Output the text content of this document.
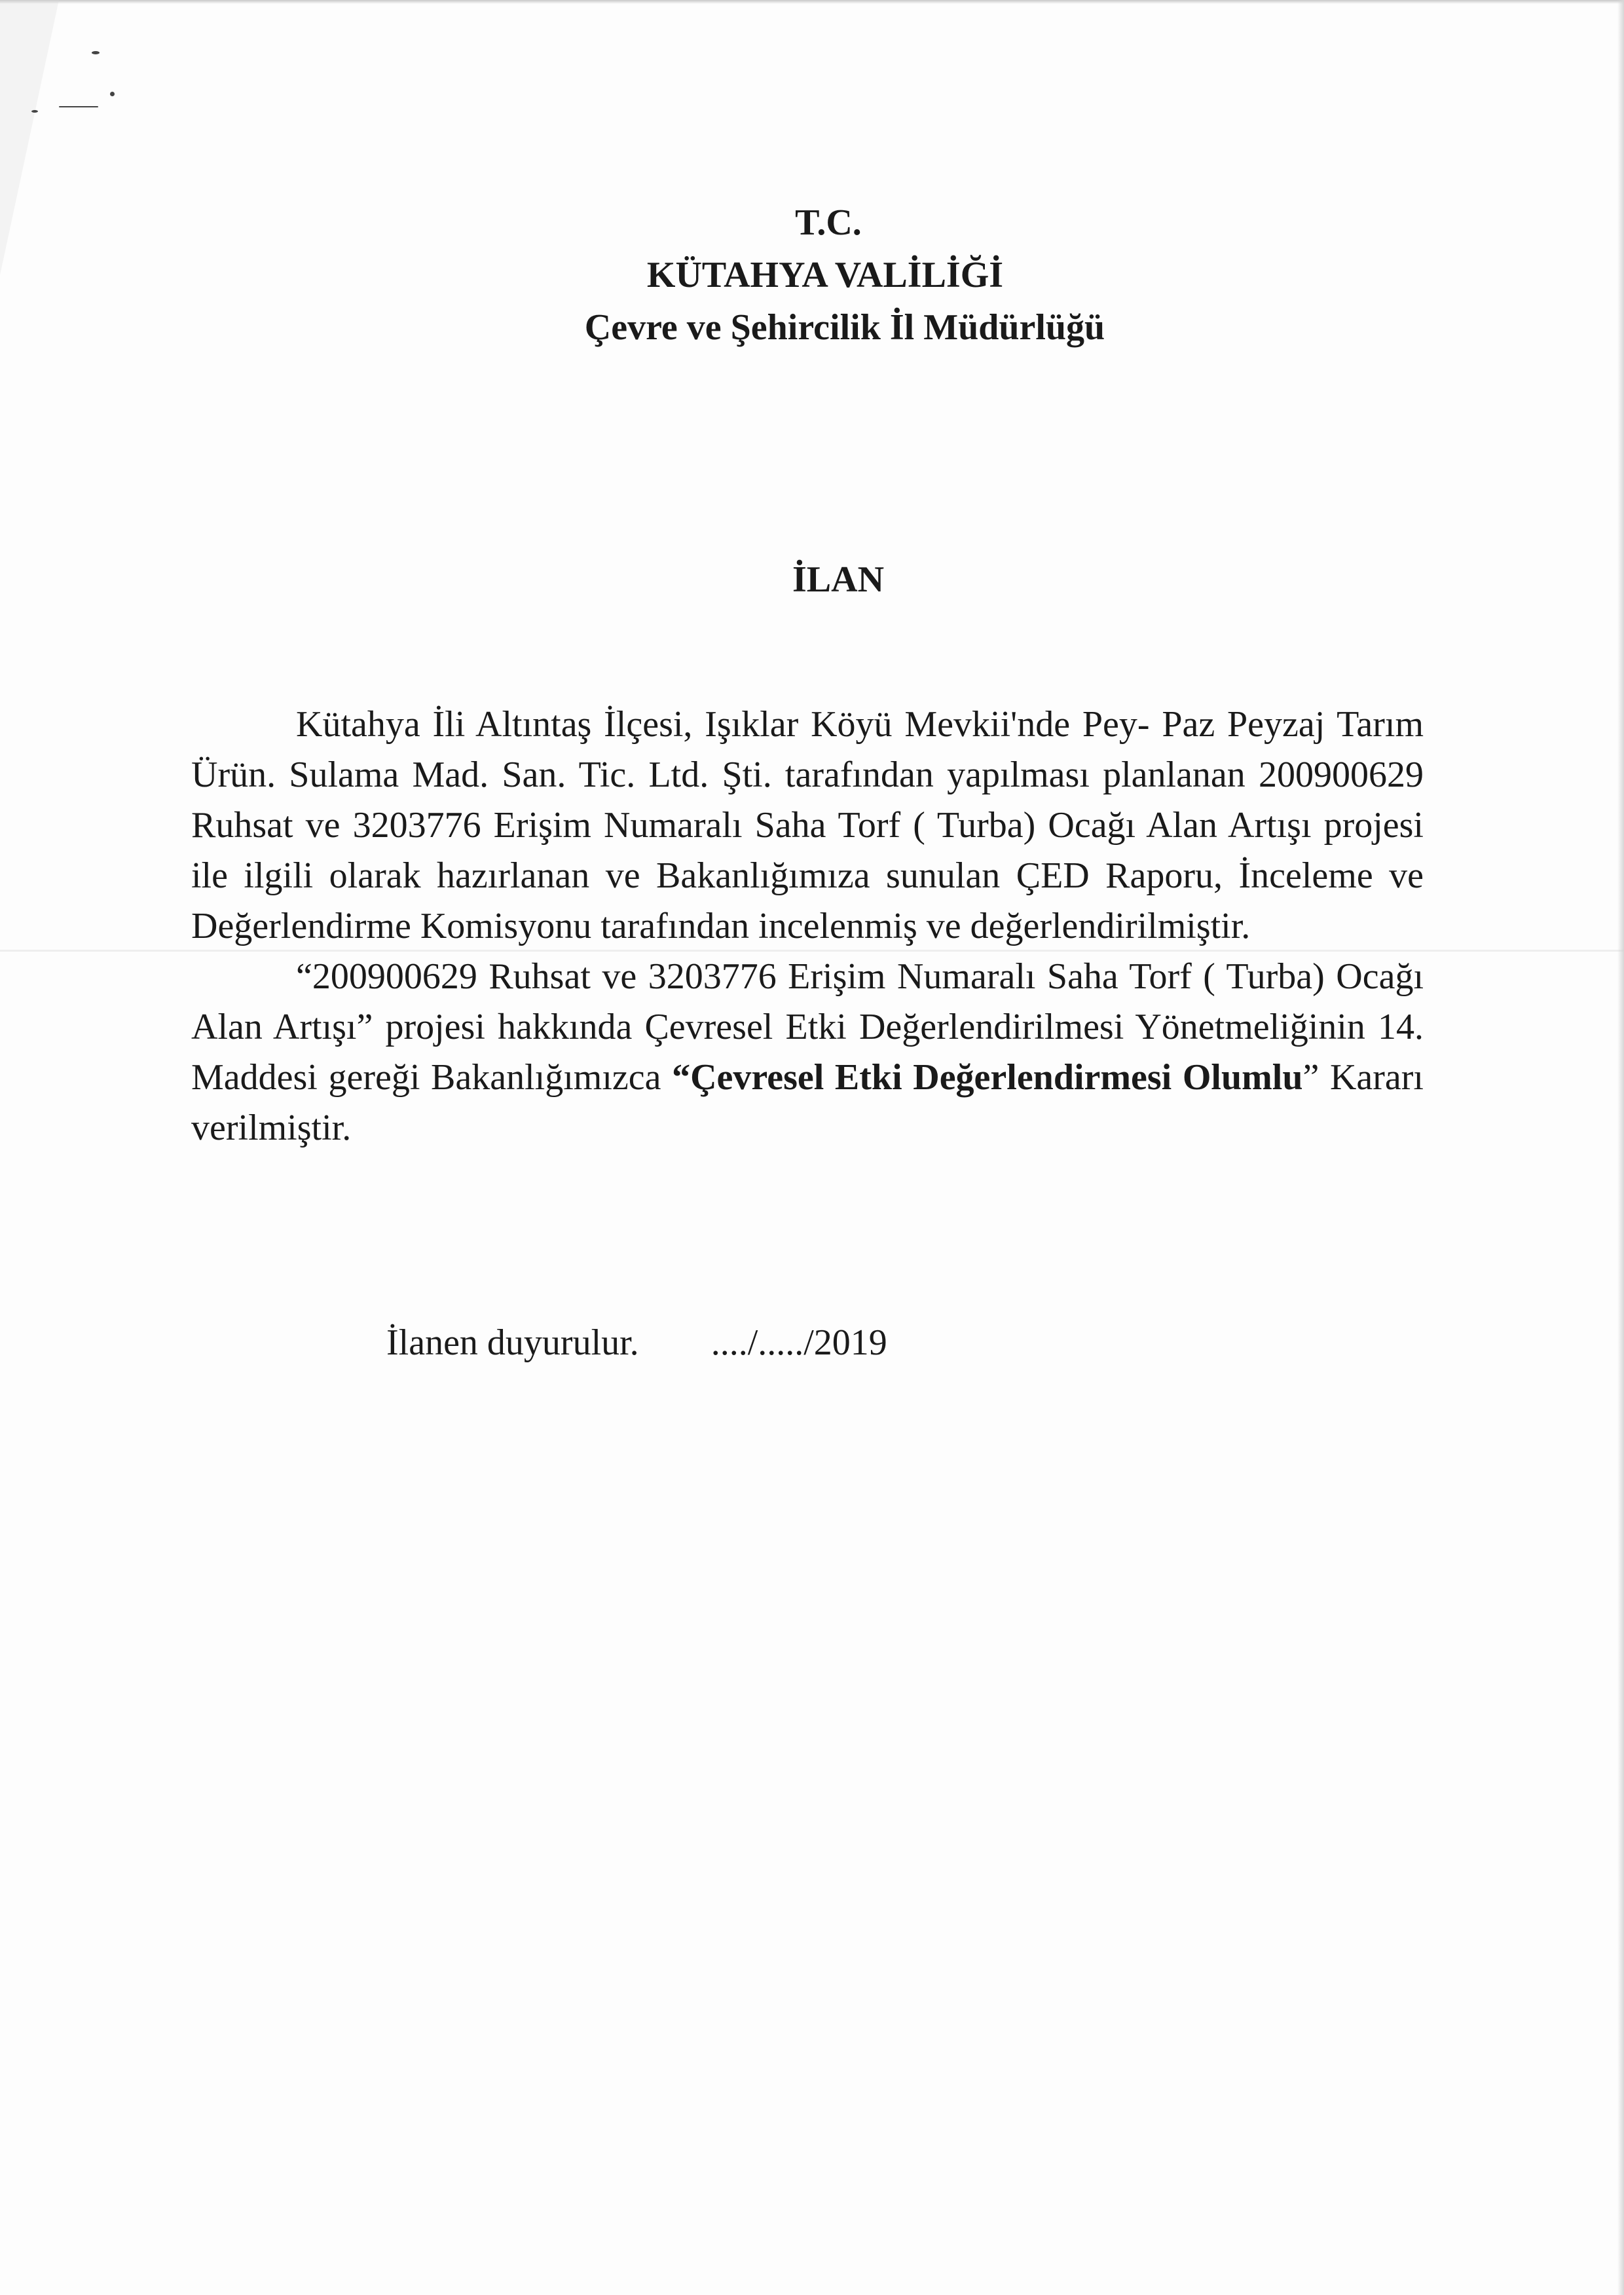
T.C.
KÜTAHYA VALİLİĞİ
Çevre ve Şehircilik İl Müdürlüğü
İLAN

Kütahya İli Altıntaş İlçesi, Işıklar Köyü Mevkii'nde Pey- Paz Peyzaj Tarım Ürün. Sulama Mad. San. Tic. Ltd. Şti. tarafından yapılması planlanan 200900629 Ruhsat ve 3203776 Erişim Numaralı Saha Torf ( Turba) Ocağı Alan Artışı projesi ile ilgili olarak hazırlanan ve Bakanlığımıza sunulan ÇED Raporu, İnceleme ve Değerlendirme Komisyonu tarafından incelenmiş ve değerlendirilmiştir.

“200900629 Ruhsat ve 3203776 Erişim Numaralı Saha Torf ( Turba) Ocağı Alan Artışı” projesi hakkında Çevresel Etki Değerlendirilmesi Yönetmeliğinin 14. Maddesi gereği Bakanlığımızca “Çevresel Etki Değerlendirmesi Olumlu” Kararı verilmiştir.

İlanen duyurulur. ..../...../2019
